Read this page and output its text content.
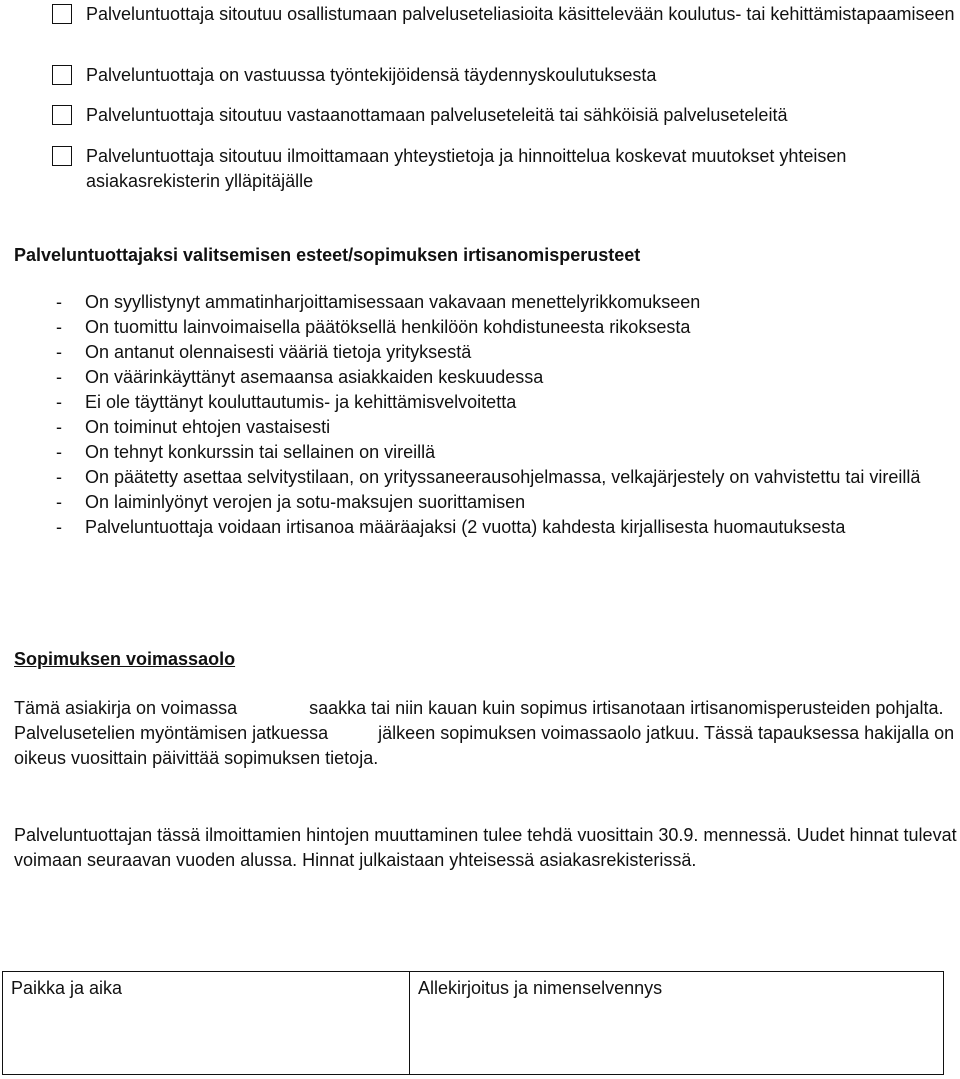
Palveluntuottaja sitoutuu osallistumaan palveluseteliasioita käsittelevään koulutus- tai kehittämistapaamiseen
Palveluntuottaja on vastuussa työntekijöidensä täydennyskoulutuksesta
Palveluntuottaja sitoutuu vastaanottamaan palveluseteleitä tai sähköisiä palveluseteleitä
Palveluntuottaja sitoutuu ilmoittamaan yhteystietoja ja hinnoittelua koskevat muutokset yhteisen asiakasrekisterin ylläpitäjälle
Palveluntuottajaksi valitsemisen esteet/sopimuksen irtisanomisperusteet
- On syyllistynyt ammatinharjoittamisessaan vakavaan menettelyrikkomukseen
- On tuomittu lainvoimaisella päätöksellä henkilöön kohdistuneesta rikoksesta
- On antanut olennaisesti vääriä tietoja yrityksestä
- On väärinkäyttänyt asemaansa asiakkaiden keskuudessa
- Ei ole täyttänyt kouluttautumis- ja kehittämisvelvoitetta
- On toiminut ehtojen vastaisesti
- On tehnyt konkurssin tai sellainen on vireillä
- On päätetty asettaa selvitystilaan, on yrityssaneerausohjelmassa, velkajärjestely on vahvistettu tai vireillä
- On laiminlyönyt verojen ja sotu-maksujen suorittamisen
- Palveluntuottaja voidaan irtisanoa määräajaksi (2 vuotta) kahdesta kirjallisesta huomautuksesta
Sopimuksen voimassaolo
Tämä asiakirja on voimassa	saakka tai niin kauan kuin sopimus irtisanotaan irtisanomisperusteiden pohjalta. Palvelusetelien myöntämisen jatkuessa	jälkeen sopimuksen voimassaolo jatkuu. Tässä tapauksessa hakijalla on oikeus vuosittain päivittää sopimuksen tietoja.
Palveluntuottajan tässä ilmoittamien hintojen muuttaminen tulee tehdä vuosittain 30.9. mennessä. Uudet hinnat tulevat voimaan seuraavan vuoden alussa. Hinnat julkaistaan yhteisessä asiakasrekisterissä.
Paikka ja aika	Allekirjoitus ja nimenselvennys
